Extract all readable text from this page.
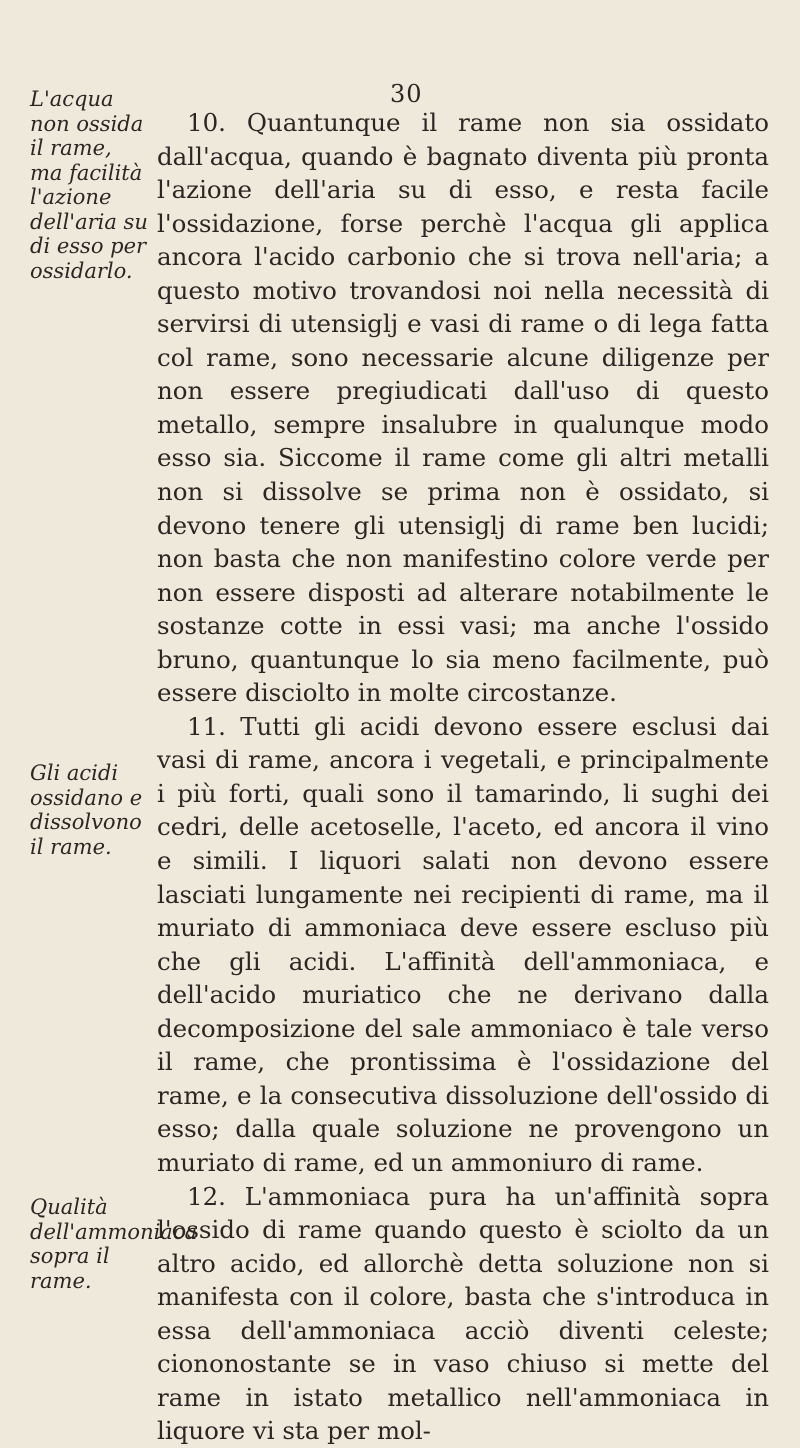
30
L'acqua non ossida il rame, ma facilità l'azione dell'aria su di esso per ossidarlo.
Gli acidi ossidano e dissolvono il rame.
Qualità dell'ammoniaca sopra il rame.

10. Quantunque il rame non sia ossidato dall'acqua, quando è bagnato diventa più pronta l'azione dell'aria su di esso, e resta facile l'ossidazione, forse perchè l'acqua gli applica ancora l'acido carbonio che si trova nell'aria; a questo motivo trovandosi noi nella necessità di servirsi di utensiglj e vasi di rame o di lega fatta col rame, sono necessarie alcune diligenze per non essere pregiudicati dall'uso di questo metallo, sempre insalubre in qualunque modo esso sia. Siccome il rame come gli altri metalli non si dissolve se prima non è ossidato, si devono tenere gli utensiglj di rame ben lucidi; non basta che non manifestino colore verde per non essere disposti ad alterare notabilmente le sostanze cotte in essi vasi; ma anche l'ossido bruno, quantunque lo sia meno facilmente, può essere disciolto in molte circostanze.

11. Tutti gli acidi devono essere esclusi dai vasi di rame, ancora i vegetali, e principalmente i più forti, quali sono il tamarindo, li sughi dei cedri, delle acetoselle, l'aceto, ed ancora il vino e simili. I liquori salati non devono essere lasciati lungamente nei recipienti di rame, ma il muriato di ammoniaca deve essere escluso più che gli acidi. L'affinità dell'ammoniaca, e dell'acido muriatico che ne derivano dalla decomposizione del sale ammoniaco è tale verso il rame, che prontissima è l'ossidazione del rame, e la consecutiva dissoluzione dell'ossido di esso; dalla quale soluzione ne provengono un muriato di rame, ed un ammoniuro di rame.

12. L'ammoniaca pura ha un'affinità sopra l'ossido di rame quando questo è sciolto da un altro acido, ed allorchè detta soluzione non si manifesta con il colore, basta che s'introduca in essa dell'ammoniaca acciò diventi celeste; ciononostante se in vaso chiuso si mette del rame in istato metallico nell'ammoniaca in liquore vi sta per mol-
